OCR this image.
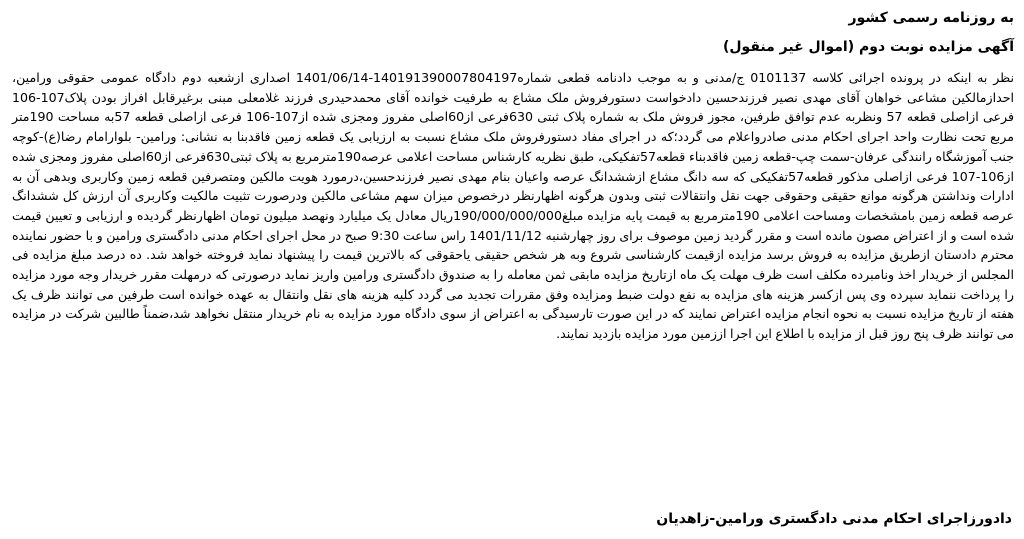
به روزنامه رسمی کشور
آگهی مزایده نوبت دوم (اموال غیر منقول)

نظر به اینکه در پرونده اجرائی کلاسه 0101137 ج/مدنی و به موجب دادنامه قطعی شماره140191390007804197-1401/06/14 اصداری ازشعبه دوم دادگاه عمومی حقوقی ورامین، احدازمالکین مشاعی خواهان آقای مهدی نصیر فرزندحسین دادخواست دستورفروش ملک مشاع به طرفیت خوانده آقای محمدحیدری فرزند غلامعلی مبنی برغیرقابل افراز بودن پلاک107-106 فرعی ازاصلی قطعه 57 ونظربه عدم توافق طرفین، مجوز فروش ملک به شماره پلاک ثبتی 630فرعی از60اصلی مفروز ومجزی شده از107-106 فرعی ازاصلی قطعه 57به مساحت 190متر مربع تحت نظارت واحد اجرای احکام مدنی صادرواعلام می گردد؛که در اجرای مفاد دستورفروش ملک مشاع نسبت به ارزیابی یک قطعه زمین فاقدبنا به نشانی: ورامین- بلوارامام رضا(ع)-کوچه جنب آموزشگاه رانندگی عرفان-سمت چپ-قطعه زمین فاقدبناء قطعه57تفکیکی، طبق نظریه کارشناس مساحت اعلامی عرصه190مترمربع به پلاک ثبتی630فرعی از60اصلی مفروز ومجزی شده از106-107 فرعی ازاصلی مذکور قطعه57تفکیکی که سه دانگ مشاع ازششدانگ عرصه واعیان بنام مهدی نصیر فرزندحسین،درمورد هویت مالکین ومتصرفین قطعه زمین وکاربری وبدهی آن به ادارات ونداشتن هرگونه موانع حقیقی وحقوقی جهت نقل وانتقالات ثبتی وبدون هرگونه اظهارنظر درخصوص میزان سهم مشاعی مالکین ودرصورت تثبیت مالکیت وکاربری آن ارزش کل ششدانگ عرصه قطعه زمین بامشخصات ومساحت اعلامی 190مترمربع به قیمت پایه مزایده مبلغ190/000/000/000ریال معادل یک میلیارد ونهصد میلیون تومان اظهارنظر گردیده و ارزیابی و تعیین قیمت شده است و از اعتراض مصون مانده است و مقرر گردید زمین موصوف برای روز چهارشنبه 1401/11/12 راس ساعت 9:30 صبح در محل اجرای احکام مدنی دادگستری ورامین و با حضور نماینده محترم دادستان ازطریق مزایده به فروش برسد مزایده ازقیمت کارشناسی شروع وبه هر شخص حقیقی یاحقوقی که بالاترین قیمت را پیشنهاد نماید فروخته خواهد شد. ده درصد مبلغ مزایده فی المجلس از خریدار اخذ ونامبرده مکلف است ظرف مهلت یک ماه ازتاریخ مزایده مابقی ثمن معامله را به صندوق دادگستری ورامین واریز نماید درصورتی که درمهلت مقرر خریدار وجه مورد مزایده را پرداخت ننماید سپرده وی پس ازکسر هزینه های مزایده به نفع دولت ضبط ومزایده وفق مقررات تجدید می گردد کلیه هزینه های نقل وانتقال به عهده خوانده است طرفین می توانند ظرف یک هفته از تاریخ مزایده نسبت به نحوه انجام مزایده اعتراض نمایند که در این صورت تارسیدگی به اعتراض از سوی دادگاه مورد مزایده به نام خریدار منتقل نخواهد شد،ضمناً طالبین شرکت در مزایده می توانند ظرف پنج روز قبل از مزایده با اطلاع این اجرا اززمین مورد مزایده بازدید نمایند.

دادورزاجرای احکام مدنی دادگستری ورامین-زاهدیان
